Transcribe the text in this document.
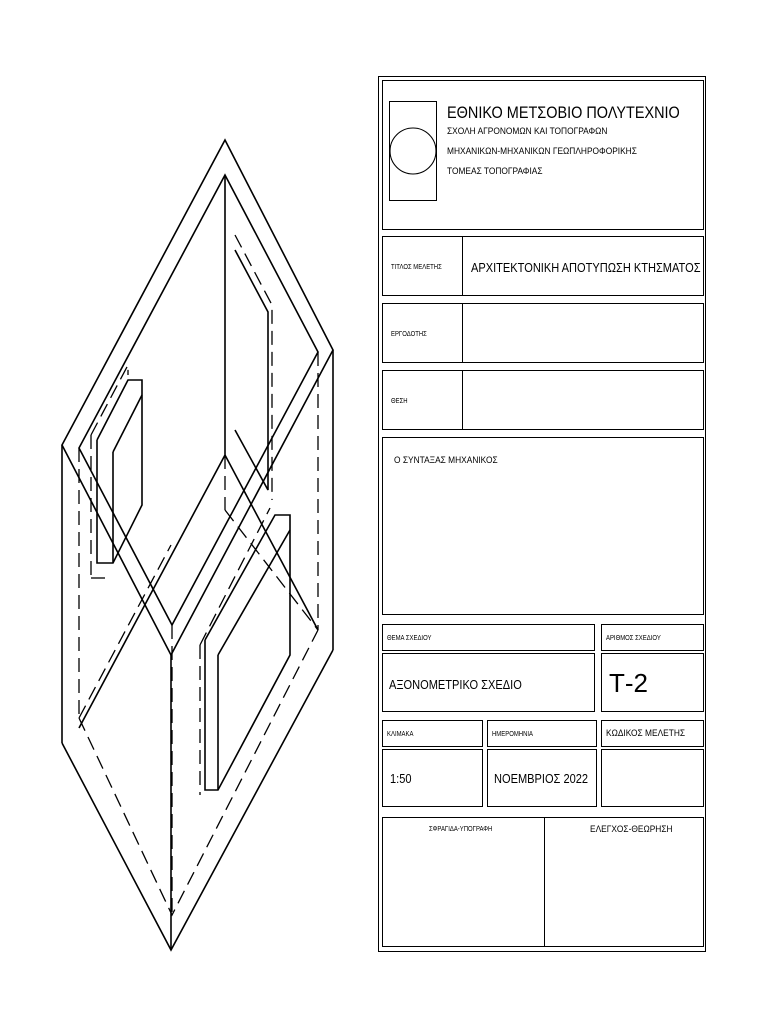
ΕΘΝΙΚΟ ΜΕΤΣΟΒΙΟ ΠΟΛΥΤΕΧΝΙΟ
ΣΧΟΛΗ ΑΓΡΟΝΟΜΩΝ ΚΑΙ ΤΟΠΟΓΡΑΦΩΝ
ΜΗΧΑΝΙΚΩΝ-ΜΗΧΑΝΙΚΩΝ ΓΕΩΠΛΗΡΟΦΟΡΙΚΗΣ
ΤΟΜΕΑΣ ΤΟΠΟΓΡΑΦΙΑΣ
ΤΙΤΛΟΣ ΜΕΛΕΤΗΣ ΑΡΧΙΤΕΚΤΟΝΙΚΗ ΑΠΟΤΥΠΩΣΗ ΚΤΗΣΜΑΤΟΣ
ΕΡΓΟΔΟΤΗΣ
ΘΕΣΗ
Ο ΣΥΝΤΑΞΑΣ ΜΗΧΑΝΙΚΟΣ
ΘΕΜΑ ΣΧΕΔΙΟΥ
ΑΞΟΝΟΜΕΤΡΙΚΟ ΣΧΕΔΙΟ
ΑΡΙΘΜΟΣ ΣΧΕΔΙΟΥ
Τ-2
ΚΛΙΜΑΚΑ
1:50
ΗΜΕΡΟΜΗΝΙΑ
ΝΟΕΜΒΡΙΟΣ 2022
ΚΩΔΙΚΟΣ ΜΕΛΕΤΗΣ
ΣΦΡΑΓΙΔΑ-ΥΠΟΓΡΑΦΗ	ΕΛΕΓΧΟΣ-ΘΕΩΡΗΣΗ
